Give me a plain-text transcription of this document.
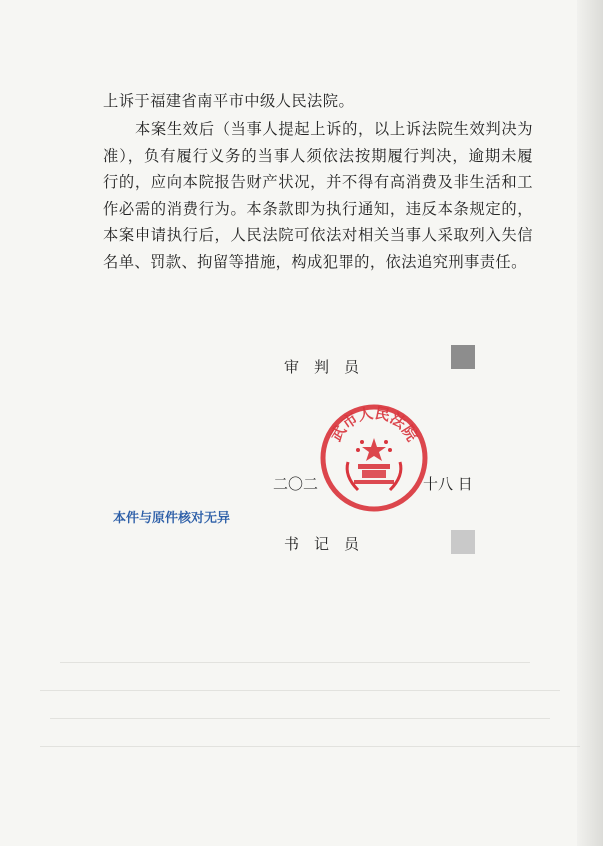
上诉于福建省南平市中级人民法院。
本案生效后（当事人提起上诉的，以上诉法院生效判决为准），负有履行义务的当事人须依法按期履行判决，逾期未履行的，应向本院报告财产状况，并不得有高消费及非生活和工作必需的消费行为。本条款即为执行通知，违反本条规定的，本案申请执行后，人民法院可依法对相关当事人采取列入失信名单、罚款、拘留等措施，构成犯罪的，依法追究刑事责任。
审　判　员
二〇二	十八 日
武市人民法院
本件与原件核对无异
书　记　员
